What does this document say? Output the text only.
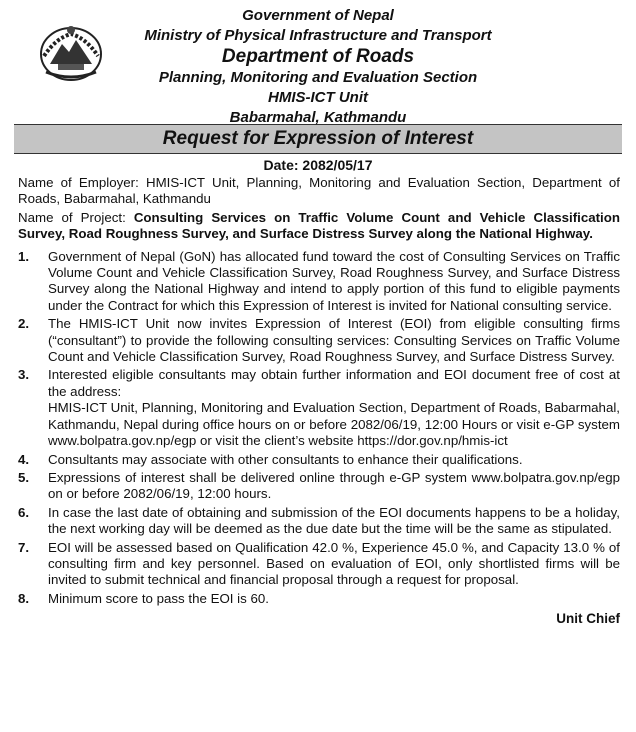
Government of Nepal
Ministry of Physical Infrastructure and Transport
Department of Roads
Planning, Monitoring and Evaluation Section
HMIS-ICT Unit
Babarmahal, Kathmandu
Request for Expression of Interest
Date: 2082/05/17

Name of Employer: HMIS-ICT Unit, Planning, Monitoring and Evaluation Section, Department of Roads, Babarmahal, Kathmandu

Name of Project: Consulting Services on Traffic Volume Count and Vehicle Classification Survey, Road Roughness Survey, and Surface Distress Survey along the National Highway.

1. Government of Nepal (GoN) has allocated fund toward the cost of Consulting Services on Traffic Volume Count and Vehicle Classification Survey, Road Roughness Survey, and Surface Distress Survey along the National Highway and intend to apply portion of this fund to eligible payments under the Contract for which this Expression of Interest is invited for National consulting service.
2. The HMIS-ICT Unit now invites Expression of Interest (EOI) from eligible consulting firms (“consultant”) to provide the following consulting services: Consulting Services on Traffic Volume Count and Vehicle Classification Survey, Road Roughness Survey, and Surface Distress Survey.
3. Interested eligible consultants may obtain further information and EOI document free of cost at the address:
HMIS-ICT Unit, Planning, Monitoring and Evaluation Section, Department of Roads, Babarmahal, Kathmandu, Nepal during office hours on or before 2082/06/19, 12:00 Hours or visit e-GP system www.bolpatra.gov.np/egp or visit the client’s website https://dor.gov.np/hmis-ict
4. Consultants may associate with other consultants to enhance their qualifications.
5. Expressions of interest shall be delivered online through e-GP system www.bolpatra.gov.np/egp on or before 2082/06/19, 12:00 hours.
6. In case the last date of obtaining and submission of the EOI documents happens to be a holiday, the next working day will be deemed as the due date but the time will be the same as stipulated.
7. EOI will be assessed based on Qualification 42.0 %, Experience 45.0 %, and Capacity 13.0 % of consulting firm and key personnel. Based on evaluation of EOI, only shortlisted firms will be invited to submit technical and financial proposal through a request for proposal.
8. Minimum score to pass the EOI is 60.
Unit Chief
